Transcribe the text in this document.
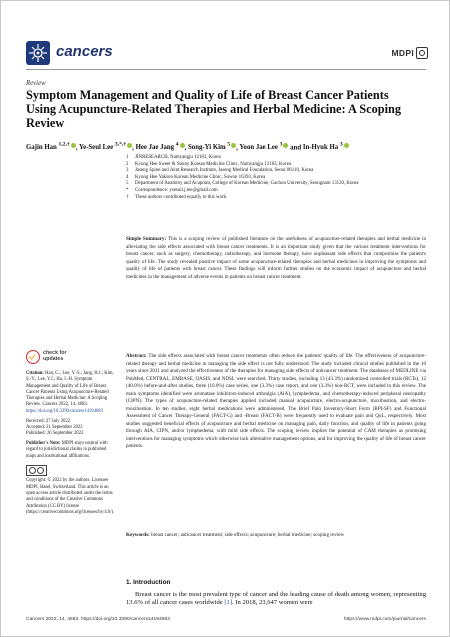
cancers	MDPI
Review
Symptom Management and Quality of Life of Breast Cancer Patients Using Acupuncture-Related Therapies and Herbal Medicine: A Scoping Review
Gajin Han $^{1,2,\dagger}$ , Ye-Seul Lee $^{3,*,\dagger}$ , Hee Jae Jang $^4$ , Song-Yi Kim $^5$ , Yoon Jae Lee $^3$ and In-Hyuk Ha $^3$
1	JINRESEARCH, Namyangju 12183, Korea
2	Kyung Hee Sweet & Sunny Korean Medicine Clinic, Namyangju 12183, Korea
3	Jaseng Spine and Joint Research Institute, Jaseng Medical Foundation, Seoul 06110, Korea
4	Kyung Hee Yakson Korean Medicine Clinic, Suwon 16393, Korea
5	Department of Anatomy and Acupoint, College of Korean Medicine, Gachon University, Seongnam 13120, Korea
*	Correspondence: ysesuil.j.lee@gmail.com
†	These authors contributed equally to this work.
Simple Summary: This is a scoping review of published literature on the usefulness of acupuncture-related therapies and herbal medicine in alleviating the side effects associated with breast cancer treatments. It is an important study given that the various treatment interventions for breast cancer, such as surgery, chemotherapy, radiotherapy, and hormone therapy, have unpleasant side effects that compromise the patient's quality of life. The study revealed positive impact of some acupuncture-related therapies and herbal medicines in improving the symptoms and quality of life of patients with breast cancer. These findings will inform further studies on the economic impact of acupuncture and herbal medicines in the management of adverse events in patients on breast cancer treatment.
check for
updates	Abstract: The side effects associated with breast cancer treatments often reduce the patients' quality of life. The effectiveness of acupuncture-related therapy and herbal medicine in managing the side effect is not fully understood. The study included clinical studies published in the 10 years since 2011 and analyzed the effectiveness of the therapies for managing side effects of anticancer treatment. The databases of MEDLINE via PubMed, CENTRAL, EMBASE, OASIS, and NDSL were searched. Thirty studies, including 13 (43.3%) randomized controlled trials (RCTs), 12 (40.0%) before-and-after studies, three (10.0%) case series, one (3.3%) case report, and one (3.3%) non-RCT, were included in this review. The main symptoms identified were aromatase inhibitors-induced arthralgia (AIA), lymphedema, and chemotherapy-induced peripheral neuropathy (CIPN). The types of acupuncture-related therapies applied included manual acupuncture, electro-acupuncture, moxibustion, and electro-moxibustion. In ten studies, eight herbal medications were administered. The Brief Pain Inventory-Short Form (BPI-SF) and Functional Assessment of Cancer Therapy-General (FACT-G) and -Breast (FACT-B) were frequently used to evaluate pain and QoL, respectively. Most studies suggested beneficial effects of acupuncture and herbal medicine on managing pain, daily function, and quality of life in patients going through AIA, CIPN, and/or lymphedema, with mild side effects. The scoping review implies the potential of CAM therapies as promising interventions for managing symptoms which otherwise lack alternative management options, and for improving the quality of life of breast cancer patients.
Keywords: breast cancer; anticancer treatment; side effects; acupuncture; herbal medicine; scoping review

Citation: Han, G.; Lee, Y.-S.; Jang, H.J.; Kim, S.-Y.; Lee, Y.J.; Ha, I.-H. Symptom Management and Quality of Life of Breast Cancer Patients Using Acupuncture-Related Therapies and Herbal Medicine: A Scoping Review. Cancers 2022, 14, 4683. https://doi.org/10.3390/cancers14194683

Received: 27 July 2022
Accepted: 21 September 2022
Published: 26 September 2022

Publisher's Note: MDPI stays neutral with regard to jurisdictional claims in published maps and institutional affiliations.

Copyright: © 2022 by the authors. Licensee MDPI, Basel, Switzerland. This article is an open access article distributed under the terms and conditions of the Creative Commons Attribution (CC BY) license (https://creativecommons.org/licenses/by/4.0/).

1. Introduction
Breast cancer is the most prevalent type of cancer and the leading cause of death among women, representing 13.6% of all cancer cases worldwide [1]. In 2018, 23,647 women were
Cancers 2022, 14, 4683. https://doi.org/10.3390/cancers14194683	https://www.mdpi.com/journal/cancers
